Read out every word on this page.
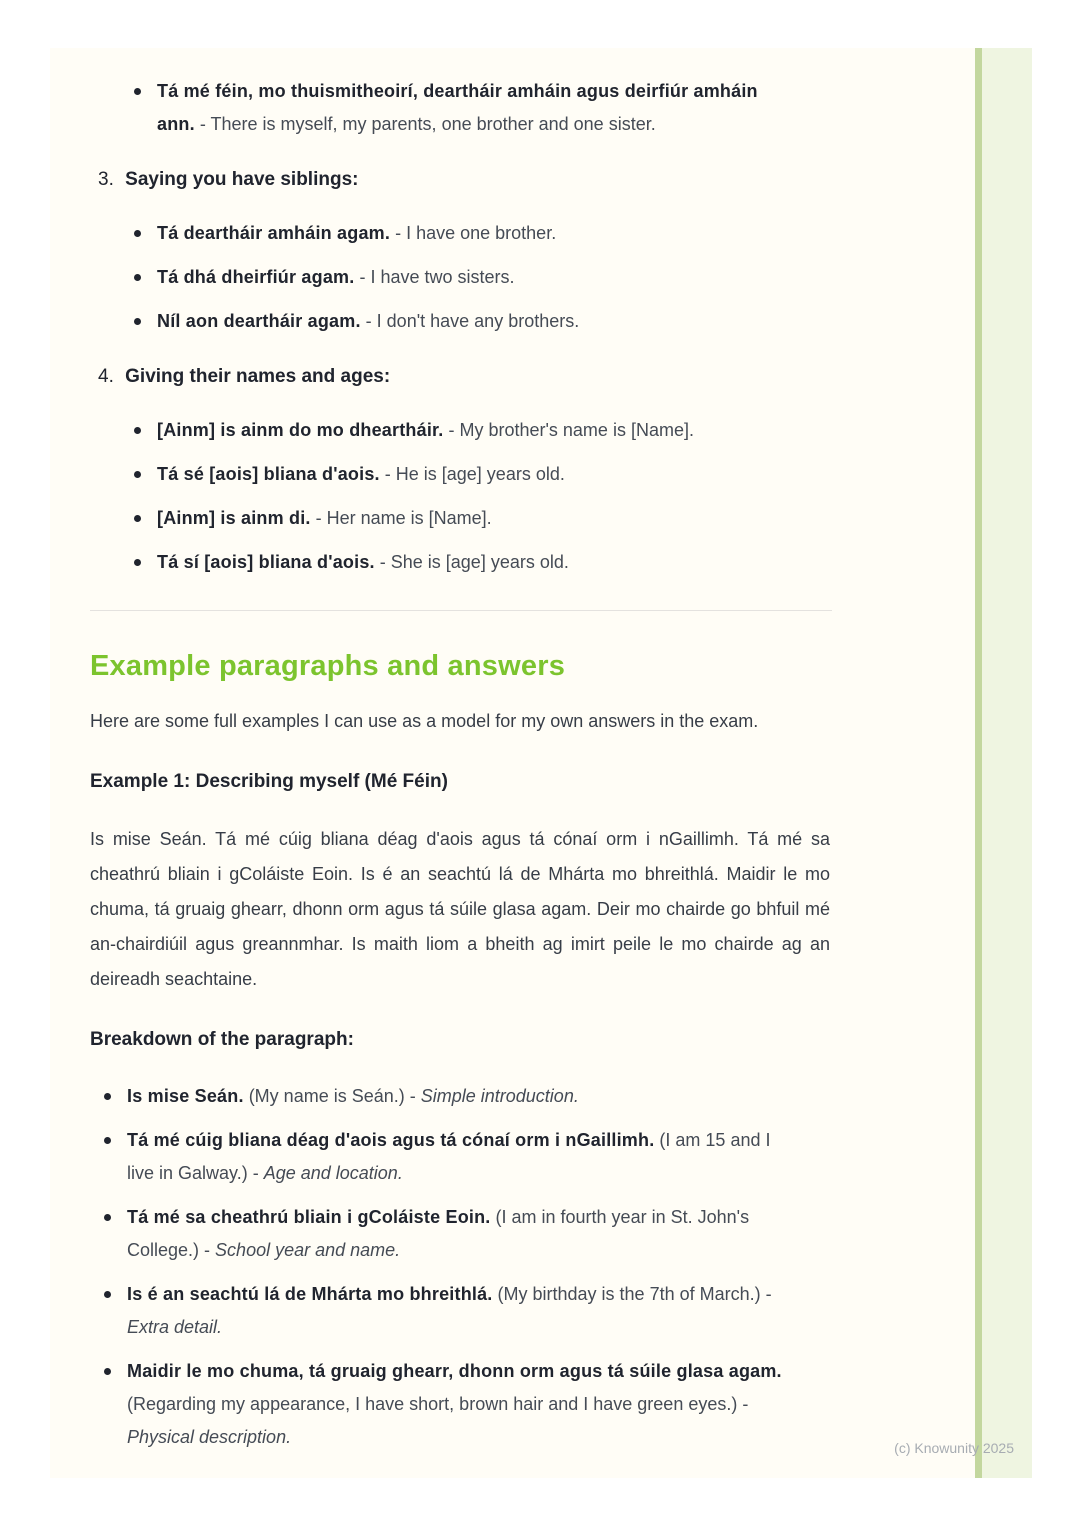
Tá mé féin, mo thuismitheoirí, deartháir amháin agus deirfiúr amháin ann. - There is myself, my parents, one brother and one sister.
3. Saying you have siblings:
Tá deartháir amháin agam. - I have one brother.
Tá dhá dheirfiúr agam. - I have two sisters.
Níl aon deartháir agam. - I don't have any brothers.
4. Giving their names and ages:
[Ainm] is ainm do mo dheartháir. - My brother's name is [Name].
Tá sé [aois] bliana d'aois. - He is [age] years old.
[Ainm] is ainm di. - Her name is [Name].
Tá sí [aois] bliana d'aois. - She is [age] years old.
Example paragraphs and answers

Here are some full examples I can use as a model for my own answers in the exam.

Example 1: Describing myself (Mé Féin)

Is mise Seán. Tá mé cúig bliana déag d'aois agus tá cónaí orm i nGaillimh. Tá mé sa cheathrú bliain i gColáiste Eoin. Is é an seachtú lá de Mhárta mo bhreithlá. Maidir le mo chuma, tá gruaig ghearr, dhonn orm agus tá súile glasa agam. Deir mo chairde go bhfuil mé an-chairdiúil agus greannmhar. Is maith liom a bheith ag imirt peile le mo chairde ag an deireadh seachtaine.

Breakdown of the paragraph:
Is mise Seán. (My name is Seán.) - Simple introduction.
Tá mé cúig bliana déag d'aois agus tá cónaí orm i nGaillimh. (I am 15 and I live in Galway.) - Age and location.
Tá mé sa cheathrú bliain i gColáiste Eoin. (I am in fourth year in St. John's College.) - School year and name.
Is é an seachtú lá de Mhárta mo bhreithlá. (My birthday is the 7th of March.) - Extra detail.
Maidir le mo chuma, tá gruaig ghearr, dhonn orm agus tá súile glasa agam. (Regarding my appearance, I have short, brown hair and I have green eyes.) - Physical description.
(c) Knowunity 2025
